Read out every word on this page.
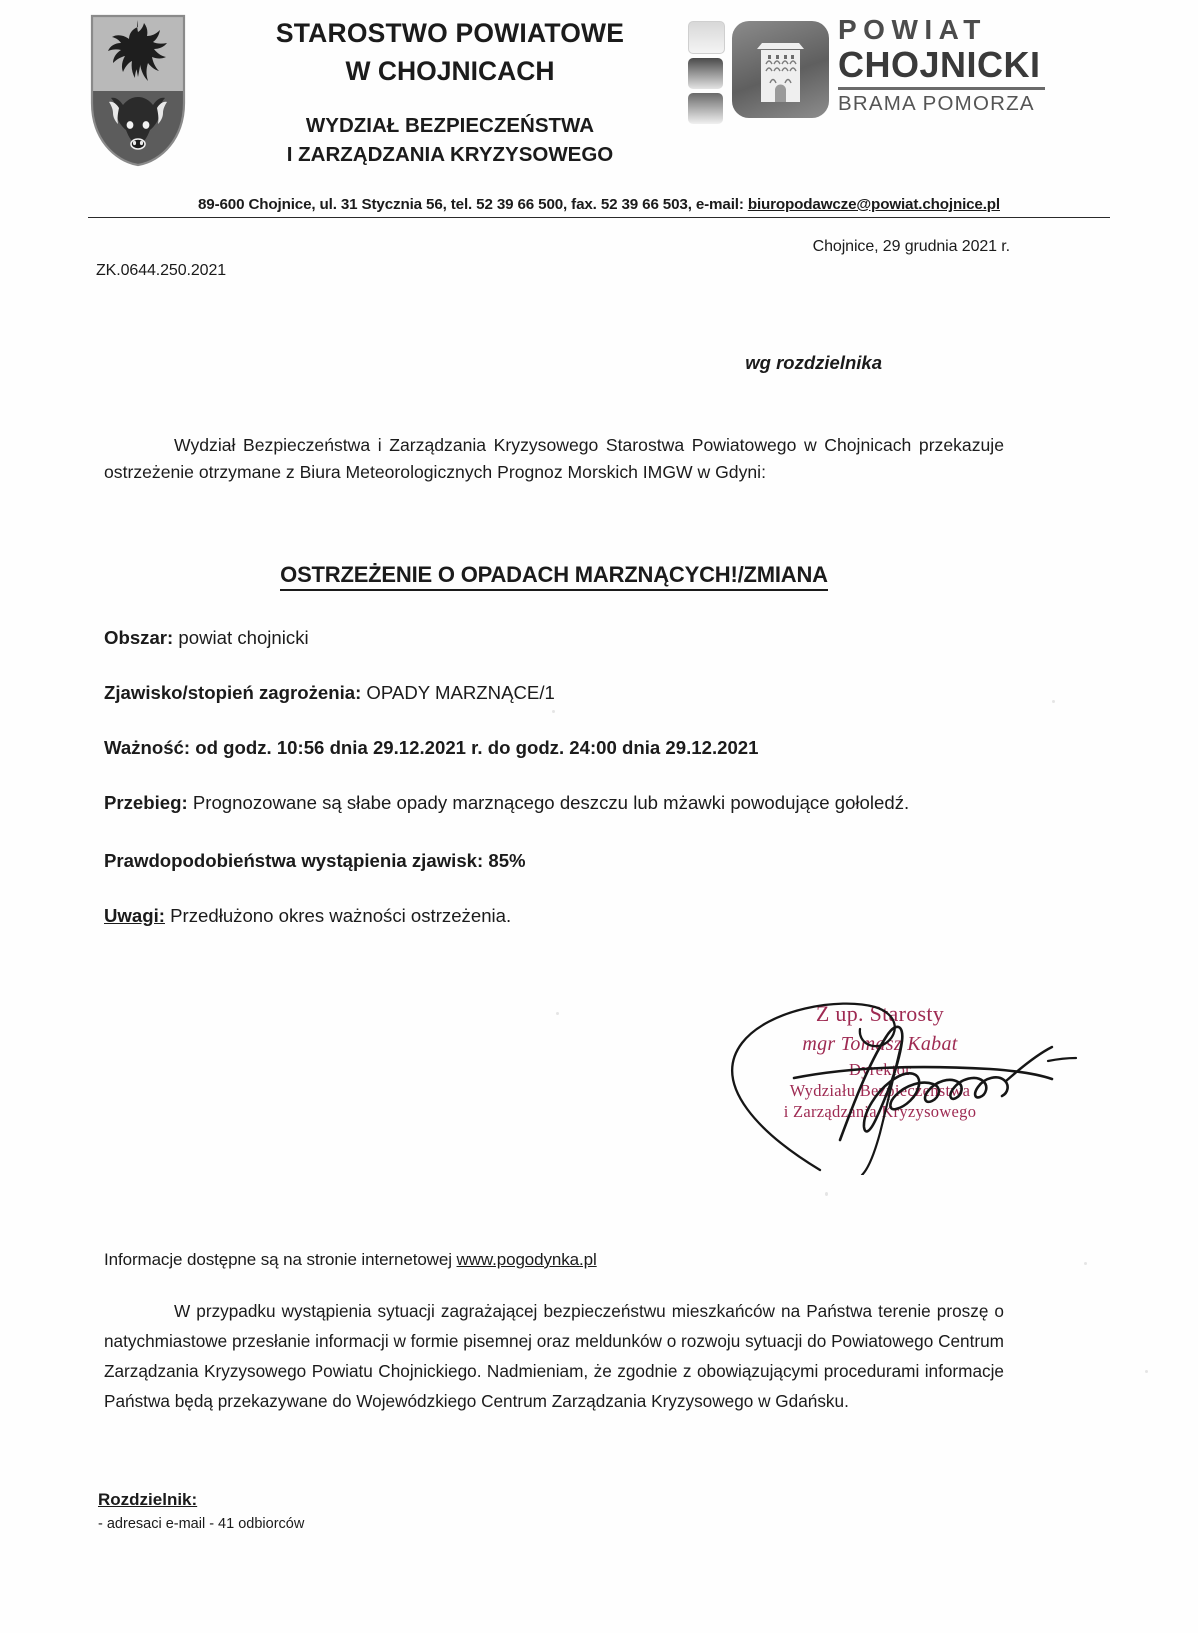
STAROSTWO POWIATOWE
W CHOJNICACH
WYDZIAŁ BEZPIECZEŃSTWA
I ZARZĄDZANIA KRYZYSOWEGO
POWIAT
CHOJNICKI
BRAMA POMORZA
89-600 Chojnice, ul. 31 Stycznia 56, tel. 52 39 66 500, fax. 52 39 66 503, e-mail: biuropodawcze@powiat.chojnice.pl
Chojnice, 29 grudnia 2021 r.
ZK.0644.250.2021
wg rozdzielnika

Wydział Bezpieczeństwa i Zarządzania Kryzysowego Starostwa Powiatowego w Chojnicach przekazuje ostrzeżenie otrzymane z Biura Meteorologicznych Prognoz Morskich IMGW w Gdyni:

OSTRZEŻENIE O OPADACH MARZNĄCYCH!/ZMIANA
Obszar: powiat chojnicki
Zjawisko/stopień zagrożenia: OPADY MARZNĄCE/1
Ważność: od godz. 10:56 dnia 29.12.2021 r. do godz. 24:00 dnia 29.12.2021
Przebieg: Prognozowane są słabe opady marznącego deszczu lub mżawki powodujące gołoledź.
Prawdopodobieństwa wystąpienia zjawisk: 85%
Uwagi: Przedłużono okres ważności ostrzeżenia.
Z up. Starosty
mgr Tomasz Kabat
Dyrektor
Wydziału Bezpieczeństwa
i Zarządzania Kryzysowego
Informacje dostępne są na stronie internetowej www.pogodynka.pl
W przypadku wystąpienia sytuacji zagrażającej bezpieczeństwu mieszkańców na Państwa terenie proszę o natychmiastowe przesłanie informacji w formie pisemnej oraz meldunków o rozwoju sytuacji do Powiatowego Centrum Zarządzania Kryzysowego Powiatu Chojnickiego. Nadmieniam, że zgodnie z obowiązującymi procedurami informacje Państwa będą przekazywane do Wojewódzkiego Centrum Zarządzania Kryzysowego w Gdańsku.
Rozdzielnik:
- adresaci e-mail - 41 odbiorców
